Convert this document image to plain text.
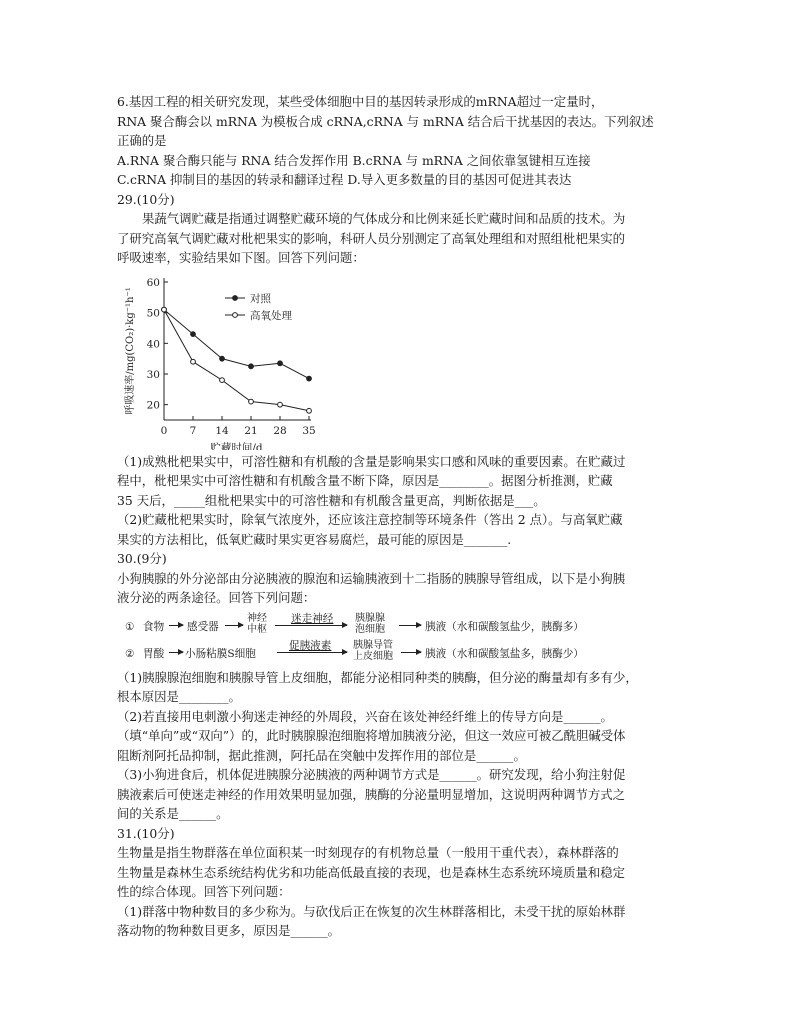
6.基因工程的相关研究发现，某些受体细胞中目的基因转录形成的mRNA超过一定量时，
RNA 聚合酶会以 mRNA 为模板合成 cRNA,cRNA 与 mRNA 结合后干扰基因的表达。下列叙述
正确的是
A.RNA 聚合酶只能与 RNA 结合发挥作用 B.cRNA 与 mRNA 之间依靠氢键相互连接
C.cRNA 抑制目的基因的转录和翻译过程 D.导入更多数量的目的基因可促进其表达
29.(10分)
果蔬气调贮藏是指通过调整贮藏环境的气体成分和比例来延长贮藏时间和品质的技术。为
了研究高氧气调贮藏对枇杷果实的影响，科研人员分别测定了高氧处理组和对照组枇杷果实的
呼吸速率，实验结果如下图。回答下列问题：
20
30
40
50
60
0 7 14 21 28 35
贮藏时间/d
呼吸速率/mg(CO₂)·kg⁻¹h⁻¹	对照
高氧处理
（1)成熟枇杷果实中，可溶性糖和有机酸的含量是影响果实口感和风味的重要因素。在贮藏过
程中，枇杷果实中可溶性糖和有机酸含量不断下降，原因是________。据图分析推测，贮藏
35 天后，_____组枇杷果实中的可溶性糖和有机酸含量更高，判断依据是___。
（2)贮藏枇杷果实时，除氧气浓度外，还应该注意控制等环境条件（答出 2 点）。与高氧贮藏
果实的方法相比，低氧贮藏时果实更容易腐烂，最可能的原因是_______.
30.(9分)
小狗胰腺的外分泌部由分泌胰液的腺泡和运输胰液到十二指肠的胰腺导管组成，以下是小狗胰
液分泌的两条途径。回答下列问题：
① 食物 感受器
神经
中枢
迷走神经 胰腺腺
泡细胞	胰液（水和碳酸氢盐少，胰酶多）
② 胃酸 小肠粘膜S细胞
促胰液素 胰腺导管
上皮细胞	胰液（水和碳酸氢盐多，胰酶少）
（1)胰腺腺泡细胞和胰腺导管上皮细胞，都能分泌相同种类的胰酶，但分泌的酶量却有多有少，
根本原因是________。
（2)若直接用电刺激小狗迷走神经的外周段，兴奋在该处神经纤维上的传导方向是______。
（填“单向”或“双向”）的，此时胰腺腺泡细胞将增加胰液分泌，但这一效应可被乙酰胆碱受体
阻断剂阿托品抑制，据此推测，阿托品在突触中发挥作用的部位是______。
（3)小狗进食后，机体促进胰腺分泌胰液的两种调节方式是______。研究发现，给小狗注射促
胰液素后可使迷走神经的作用效果明显加强，胰酶的分泌量明显增加，这说明两种调节方式之
间的关系是______。
31.(10分)
生物量是指生物群落在单位面积某一时刻现存的有机物总量（一般用干重代表），森林群落的
生物量是森林生态系统结构优劣和功能高低最直接的表现，也是森林生态系统环境质量和稳定
性的综合体现。回答下列问题：
（1)群落中物种数目的多少称为。与砍伐后正在恢复的次生林群落相比，未受干扰的原始林群
落动物的物种数目更多，原因是______。
